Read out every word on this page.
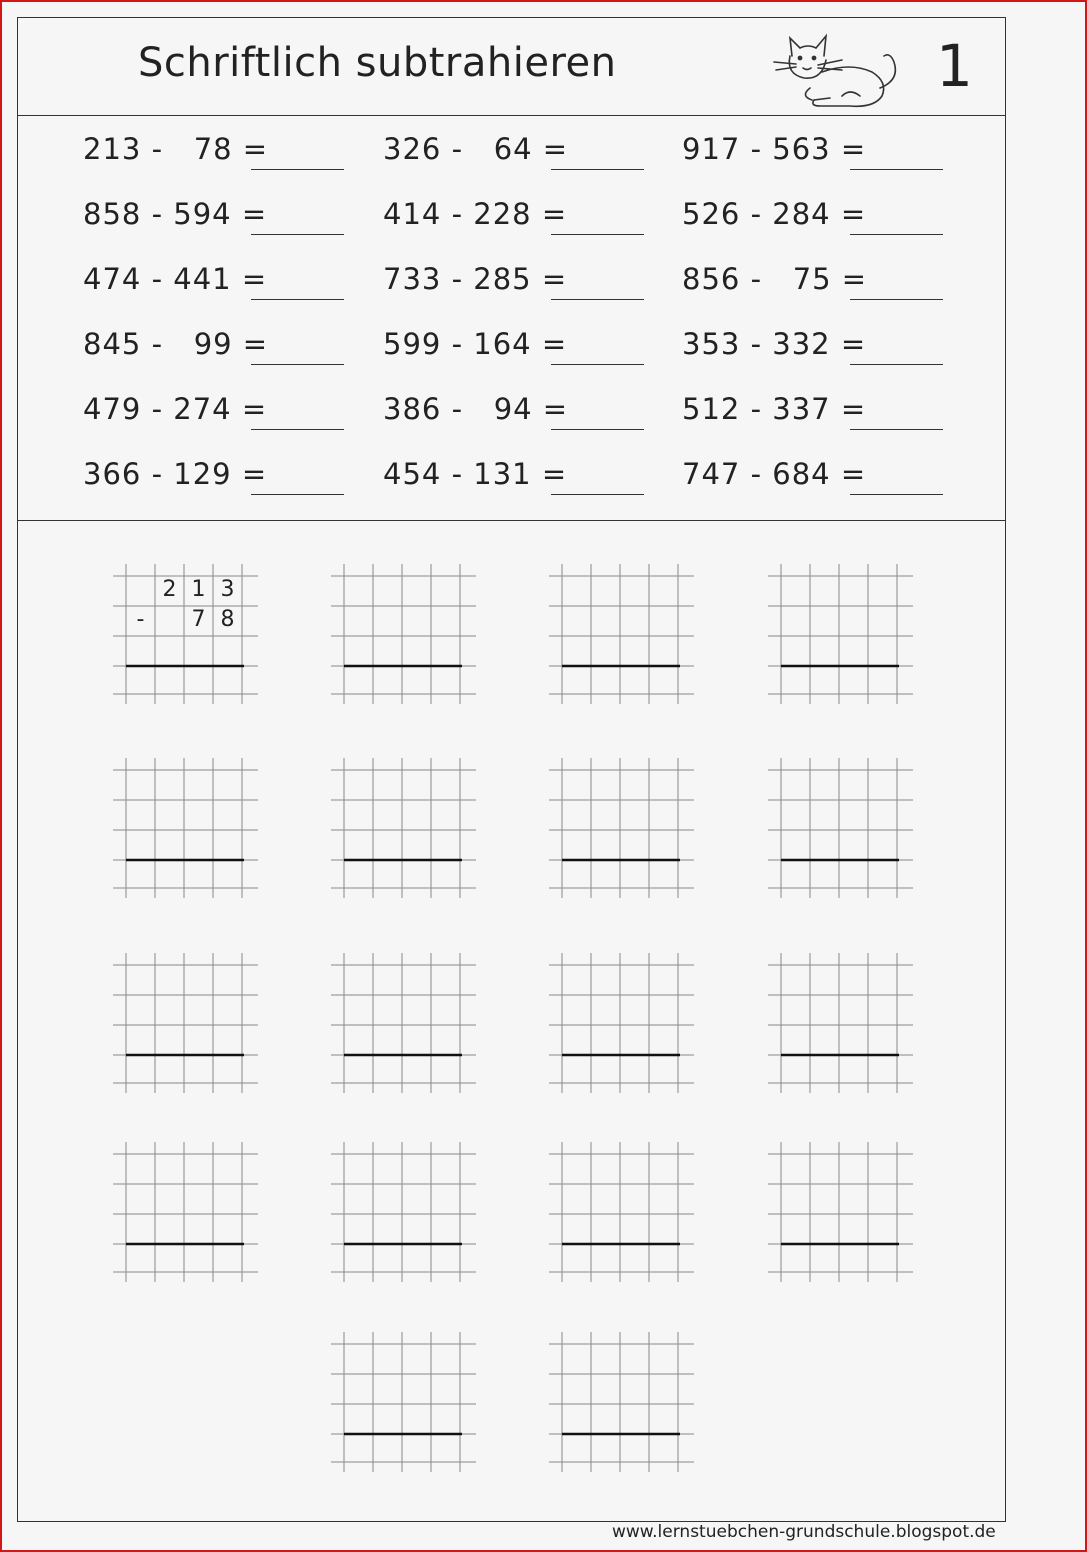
Schriftlich subtrahieren	1
213 -   78 =	326 -   64 =	917 - 563 =
858 - 594 =	414 - 228 =	526 - 284 =
474 - 441 =	733 - 285 =	856 -   75 =
845 -   99 =	599 - 164 =	353 - 332 =
479 - 274 =	386 -   94 =	512 - 337 =
366 - 129 =	454 - 131 =	747 - 684 =
2 1 3
-	7 8
www.lernstuebchen-grundschule.blogspot.de
